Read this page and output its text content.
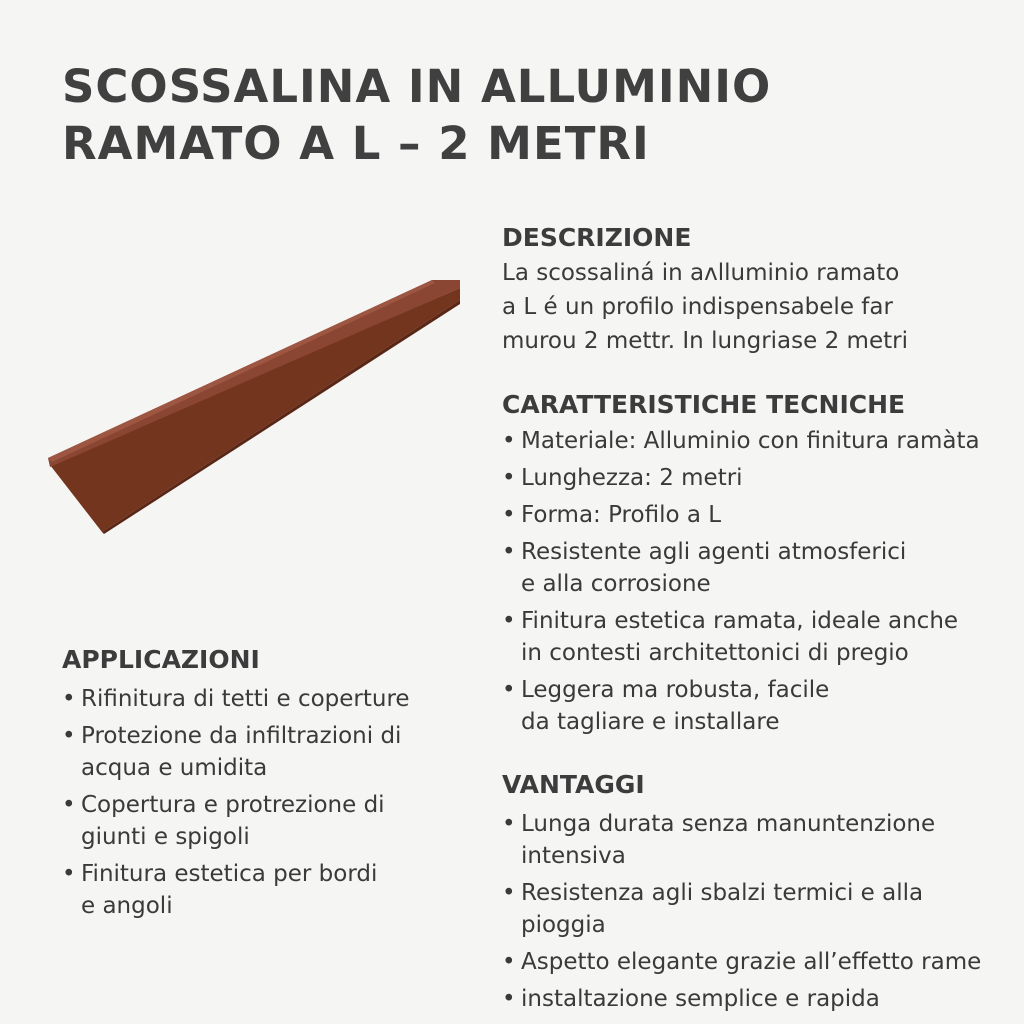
SCOSSALINA IN ALLUMINIO
RAMATO A L – 2 METRI
DESCRIZIONE

La scossaliná in aʌlluminio ramato
a L é un profilo indispensabele far
murou 2 mettr. In lungriase 2 metri

CARATTERISTICHE TECNICHE
• Materiale: Alluminio con finitura ramàta
• Lunghezza: 2 metri
• Forma: Profilo a L
• Resistente agli agenti atmosferici
e alla corrosione
• Finitura estetica ramata, ideale anche
in contesti architettonici di pregio
• Leggera ma robusta, facile
da tagliare e installare
VANTAGGI
• Lunga durata senza manuntenzione
intensiva
• Resistenza agli sbalzi termici e alla
pioggia
• Aspetto elegante grazie all’effetto rame
• instaltazione semplice e rapida
APPLICAZIONI
• Rifinitura di tetti e coperture
• Protezione da infiltrazioni di
acqua e umidita
• Copertura e protrezione di
giunti e spigoli
• Finitura estetica per bordi
e angoli
